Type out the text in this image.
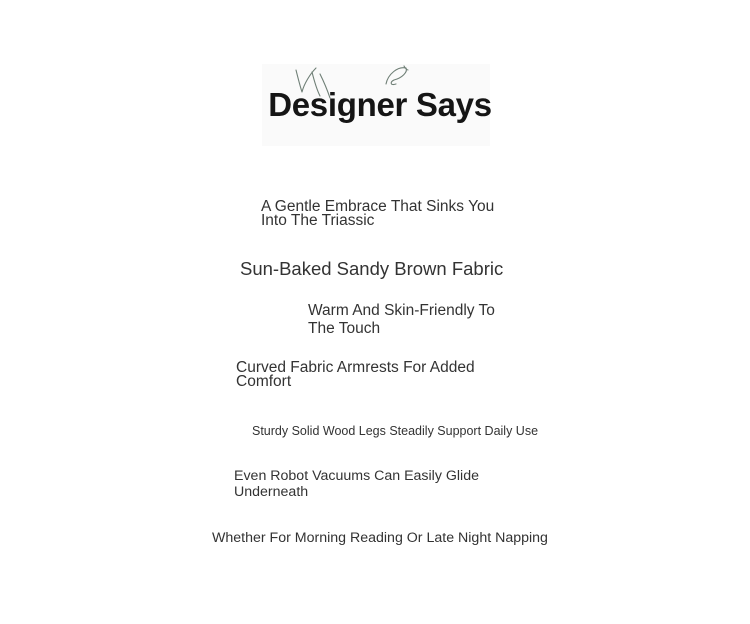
Designer Says

A Gentle Embrace That Sinks You Into The Triassic

Sun-Baked Sandy Brown Fabric

Warm And Skin-Friendly To The Touch

Curved Fabric Armrests For Added Comfort

Sturdy Solid Wood Legs Steadily Support Daily Use

Even Robot Vacuums Can Easily Glide Underneath

Whether For Morning Reading Or Late Night Napping
